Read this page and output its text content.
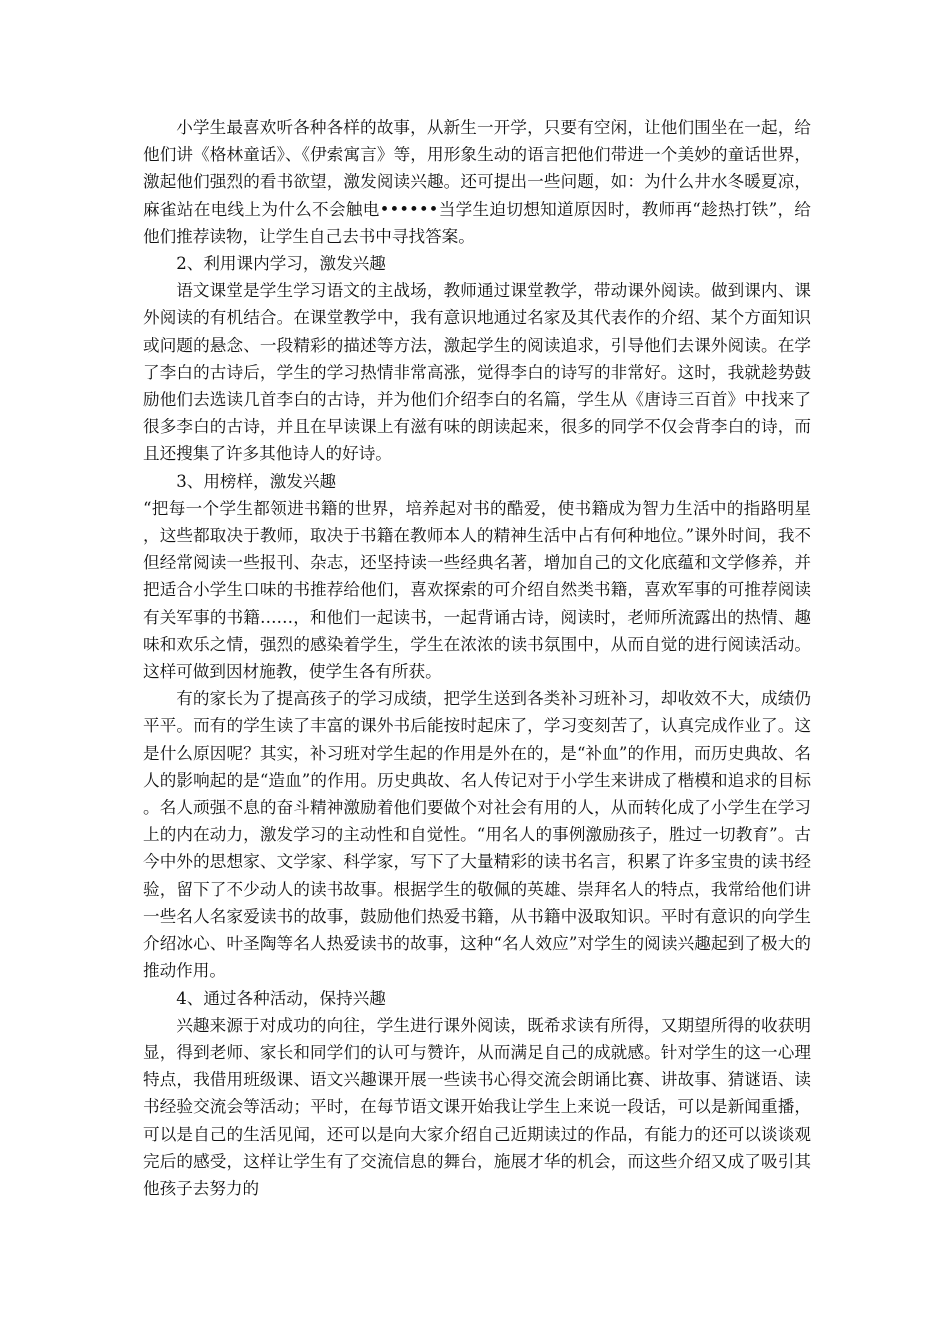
小学生最喜欢听各种各样的故事，从新生一开学，只要有空闲，让他们围坐在一起，给他们讲《格林童话》、《伊索寓言》等，用形象生动的语言把他们带进一个美妙的童话世界，激起他们强烈的看书欲望，激发阅读兴趣。还可提出一些问题，如：为什么井水冬暖夏凉，麻雀站在电线上为什么不会触电••••••当学生迫切想知道原因时，教师再“趁热打铁”，给他们推荐读物，让学生自己去书中寻找答案。

2、利用课内学习，激发兴趣

语文课堂是学生学习语文的主战场，教师通过课堂教学，带动课外阅读。做到课内、课外阅读的有机结合。在课堂教学中，我有意识地通过名家及其代表作的介绍、某个方面知识或问题的悬念、一段精彩的描述等方法，激起学生的阅读追求，引导他们去课外阅读。在学了李白的古诗后，学生的学习热情非常高涨，觉得李白的诗写的非常好。这时，我就趁势鼓励他们去选读几首李白的古诗，并为他们介绍李白的名篇，学生从《唐诗三百首》中找来了很多李白的古诗，并且在早读课上有滋有味的朗读起来，很多的同学不仅会背李白的诗，而且还搜集了许多其他诗人的好诗。

3、用榜样，激发兴趣

“把每一个学生都领进书籍的世界，培养起对书的酷爱，使书籍成为智力生活中的指路明星，这些都取决于教师，取决于书籍在教师本人的精神生活中占有何种地位。”课外时间，我不但经常阅读一些报刊、杂志，还坚持读一些经典名著，增加自己的文化底蕴和文学修养，并把适合小学生口味的书推荐给他们，喜欢探索的可介绍自然类书籍，喜欢军事的可推荐阅读有关军事的书籍……，和他们一起读书，一起背诵古诗，阅读时，老师所流露出的热情、趣味和欢乐之情，强烈的感染着学生，学生在浓浓的读书氛围中，从而自觉的进行阅读活动。这样可做到因材施教，使学生各有所获。

有的家长为了提高孩子的学习成绩，把学生送到各类补习班补习，却收效不大，成绩仍平平。而有的学生读了丰富的课外书后能按时起床了，学习变刻苦了，认真完成作业了。这是什么原因呢？其实，补习班对学生起的作用是外在的，是“补血”的作用，而历史典故、名人的影响起的是“造血”的作用。历史典故、名人传记对于小学生来讲成了楷模和追求的目标。名人顽强不息的奋斗精神激励着他们要做个对社会有用的人，从而转化成了小学生在学习上的内在动力，激发学习的主动性和自觉性。“用名人的事例激励孩子，胜过一切教育”。古今中外的思想家、文学家、科学家，写下了大量精彩的读书名言，积累了许多宝贵的读书经验，留下了不少动人的读书故事。根据学生的敬佩的英雄、崇拜名人的特点，我常给他们讲一些名人名家爱读书的故事，鼓励他们热爱书籍，从书籍中汲取知识。平时有意识的向学生介绍冰心、叶圣陶等名人热爱读书的故事，这种“名人效应”对学生的阅读兴趣起到了极大的推动作用。

4、通过各种活动，保持兴趣

兴趣来源于对成功的向往，学生进行课外阅读，既希求读有所得，又期望所得的收获明显，得到老师、家长和同学们的认可与赞许，从而满足自己的成就感。针对学生的这一心理特点，我借用班级课、语文兴趣课开展一些读书心得交流会朗诵比赛、讲故事、猜谜语、读书经验交流会等活动；平时，在每节语文课开始我让学生上来说一段话，可以是新闻重播，可以是自己的生活见闻，还可以是向大家介绍自己近期读过的作品，有能力的还可以谈谈观完后的感受，这样让学生有了交流信息的舞台，施展才华的机会，而这些介绍又成了吸引其他孩子去努力的
